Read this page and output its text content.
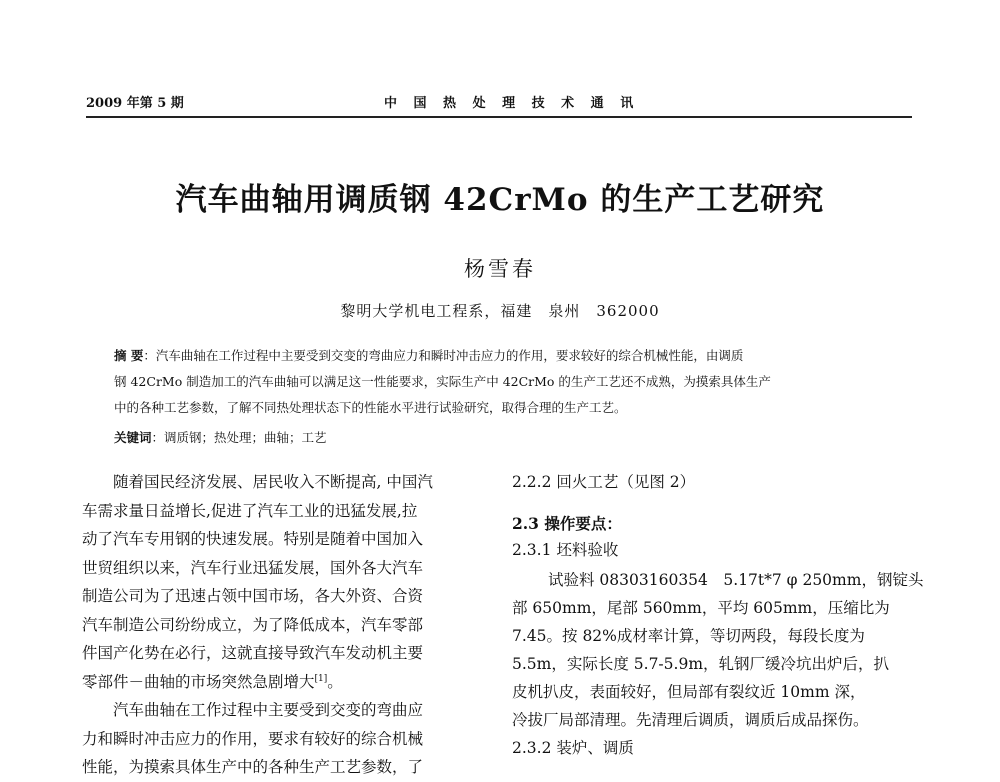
2009 年第 5 期	中 国 热 处 理 技 术 通 讯
汽车曲轴用调质钢 42CrMo 的生产工艺研究
杨雪春
黎明大学机电工程系，福建　泉州　362000
摘 要：汽车曲轴在工作过程中主要受到交变的弯曲应力和瞬时冲击应力的作用，要求较好的综合机械性能，由调质
钢 42CrMo 制造加工的汽车曲轴可以满足这一性能要求，实际生产中 42CrMo 的生产工艺还不成熟，为摸索具体生产
中的各种工艺参数，了解不同热处理状态下的性能水平进行试验研究，取得合理的生产工艺。
关键词：调质钢；热处理；曲轴；工艺
随着国民经济发展、居民收入不断提高, 中国汽
车需求量日益增长,促进了汽车工业的迅猛发展,拉
动了汽车专用钢的快速发展。特别是随着中国加入
世贸组织以来，汽车行业迅猛发展，国外各大汽车
制造公司为了迅速占领中国市场，各大外资、合资
汽车制造公司纷纷成立，为了降低成本，汽车零部
件国产化势在必行，这就直接导致汽车发动机主要
零部件－曲轴的市场突然急剧增大[1]。
汽车曲轴在工作过程中主要受到交变的弯曲应
力和瞬时冲击应力的作用，要求有较好的综合机械
性能，为摸索具体生产中的各种生产工艺参数，了
2.2.2 回火工艺（见图 2）
2.3 操作要点：
2.3.1 坯料验收
试验料 08303160354　5.17t*7 φ 250mm，钢锭头
部 650mm，尾部 560mm，平均 605mm，压缩比为
7.45。按 82%成材率计算，等切两段，每段长度为
5.5m，实际长度 5.7-5.9m，轧钢厂缓冷坑出炉后，扒
皮机扒皮，表面较好，但局部有裂纹近 10mm 深，
冷拔厂局部清理。先清理后调质，调质后成品探伤。
2.3.2 装炉、调质
